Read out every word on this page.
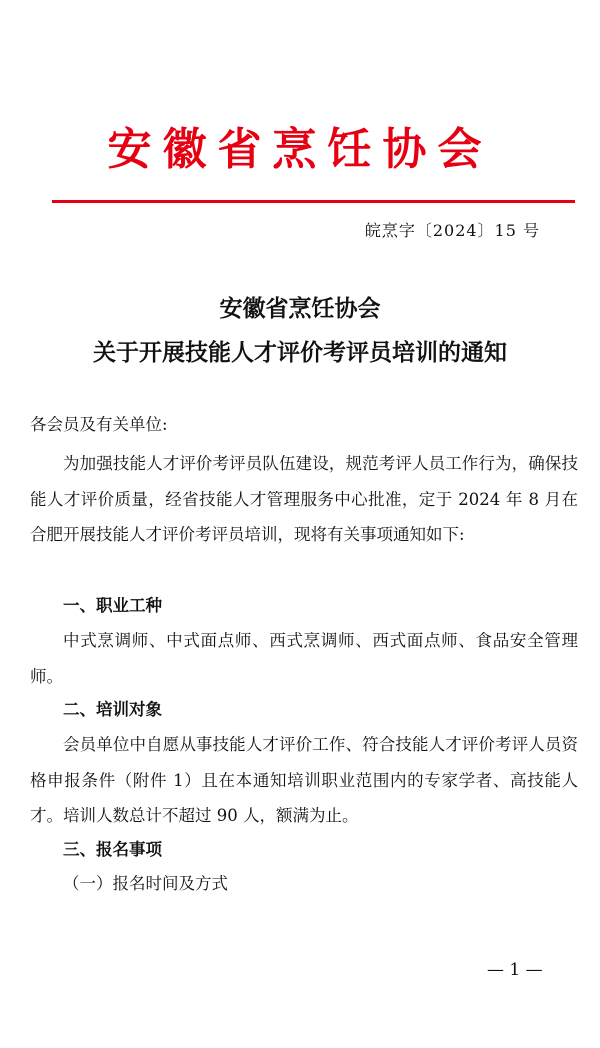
安徽省烹饪协会
皖烹字〔2024〕15 号
安徽省烹饪协会
关于开展技能人才评价考评员培训的通知

各会员及有关单位:

为加强技能人才评价考评员队伍建设，规范考评人员工作行为，确保技能人才评价质量，经省技能人才管理服务中心批准，定于 2024 年 8 月在合肥开展技能人才评价考评员培训，现将有关事项通知如下:

一、职业工种

中式烹调师、中式面点师、西式烹调师、西式面点师、食品安全管理师。

二、培训对象

会员单位中自愿从事技能人才评价工作、符合技能人才评价考评人员资格申报条件（附件 1）且在本通知培训职业范围内的专家学者、高技能人才。培训人数总计不超过 90 人，额满为止。

三、报名事项

（一）报名时间及方式

— 1 —
